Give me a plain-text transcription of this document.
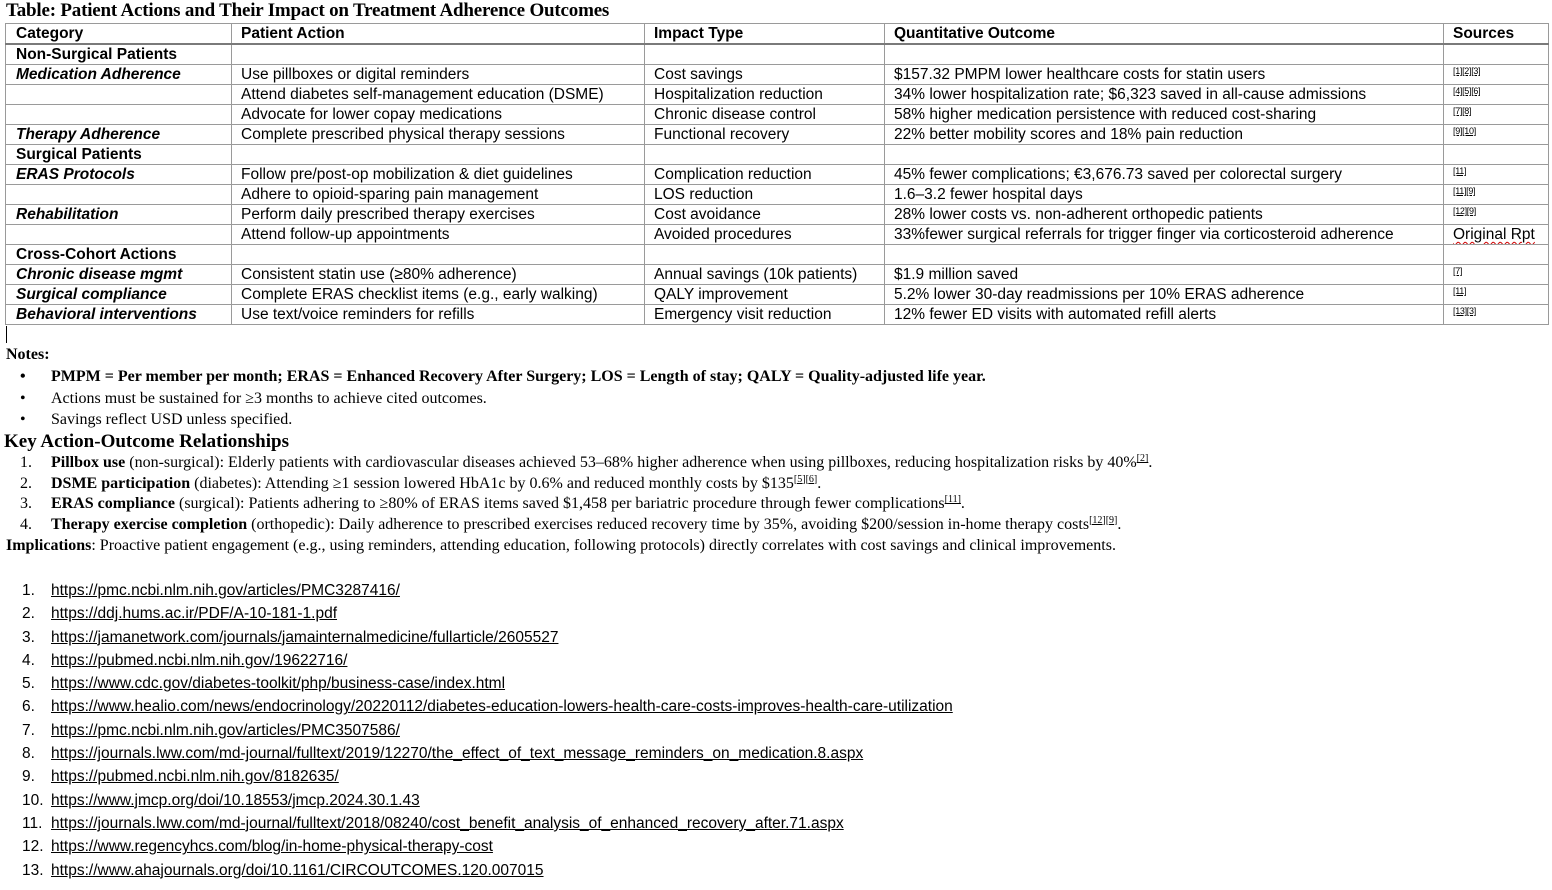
Table: Patient Actions and Their Impact on Treatment Adherence Outcomes
Category	Patient Action	Impact Type	Quantitative Outcome	Sources
Non-Surgical Patients				
Medication Adherence	Use pillboxes or digital reminders	Cost savings	$157.32 PMPM lower healthcare costs for statin users	[1][2][3]
	Attend diabetes self-management education (DSME)	Hospitalization reduction	34% lower hospitalization rate; $6,323 saved in all-cause admissions	[4][5][6]
	Advocate for lower copay medications	Chronic disease control	58% higher medication persistence with reduced cost-sharing	[7][8]
Therapy Adherence	Complete prescribed physical therapy sessions	Functional recovery	22% better mobility scores and 18% pain reduction	[9][10]
Surgical Patients				
ERAS Protocols	Follow pre/post-op mobilization & diet guidelines	Complication reduction	45% fewer complications; €3,676.73 saved per colorectal surgery	[11]
	Adhere to opioid-sparing pain management	LOS reduction	1.6–3.2 fewer hospital days	[11][9]
Rehabilitation	Perform daily prescribed therapy exercises	Cost avoidance	28% lower costs vs. non-adherent orthopedic patients	[12][9]
	Attend follow-up appointments	Avoided procedures	33%fewer surgical referrals for trigger finger via corticosteroid adherence	Original Rpt
Cross-Cohort Actions				
Chronic disease mgmt	Consistent statin use (≥80% adherence)	Annual savings (10k patients)	$1.9 million saved	[7]
Surgical compliance	Complete ERAS checklist items (e.g., early walking)	QALY improvement	5.2% lower 30-day readmissions per 10% ERAS adherence	[11]
Behavioral interventions	Use text/voice reminders for refills	Emergency visit reduction	12% fewer ED visits with automated refill alerts	[13][3]
Notes:
• PMPM = Per member per month; ERAS = Enhanced Recovery After Surgery; LOS = Length of stay; QALY = Quality-adjusted life year.
• Actions must be sustained for ≥3 months to achieve cited outcomes.
• Savings reflect USD unless specified.
Key Action-Outcome Relationships
1. Pillbox use (non-surgical): Elderly patients with cardiovascular diseases achieved 53–68% higher adherence when using pillboxes, reducing hospitalization risks by 40%[2].
2. DSME participation (diabetes): Attending ≥1 session lowered HbA1c by 0.6% and reduced monthly costs by $135[5][6].
3. ERAS compliance (surgical): Patients adhering to ≥80% of ERAS items saved $1,458 per bariatric procedure through fewer complications[11].
4. Therapy exercise completion (orthopedic): Daily adherence to prescribed exercises reduced recovery time by 35%, avoiding $200/session in-home therapy costs[12][9].
Implications: Proactive patient engagement (e.g., using reminders, attending education, following protocols) directly correlates with cost savings and clinical improvements.
1. https://pmc.ncbi.nlm.nih.gov/articles/PMC3287416/
2. https://ddj.hums.ac.ir/PDF/A-10-181-1.pdf
3. https://jamanetwork.com/journals/jamainternalmedicine/fullarticle/2605527
4. https://pubmed.ncbi.nlm.nih.gov/19622716/
5. https://www.cdc.gov/diabetes-toolkit/php/business-case/index.html
6. https://www.healio.com/news/endocrinology/20220112/diabetes-education-lowers-health-care-costs-improves-health-care-utilization
7. https://pmc.ncbi.nlm.nih.gov/articles/PMC3507586/
8. https://journals.lww.com/md-journal/fulltext/2019/12270/the_effect_of_text_message_reminders_on_medication.8.aspx
9. https://pubmed.ncbi.nlm.nih.gov/8182635/
10. https://www.jmcp.org/doi/10.18553/jmcp.2024.30.1.43
11. https://journals.lww.com/md-journal/fulltext/2018/08240/cost_benefit_analysis_of_enhanced_recovery_after.71.aspx
12. https://www.regencyhcs.com/blog/in-home-physical-therapy-cost
13. https://www.ahajournals.org/doi/10.1161/CIRCOUTCOMES.120.007015
